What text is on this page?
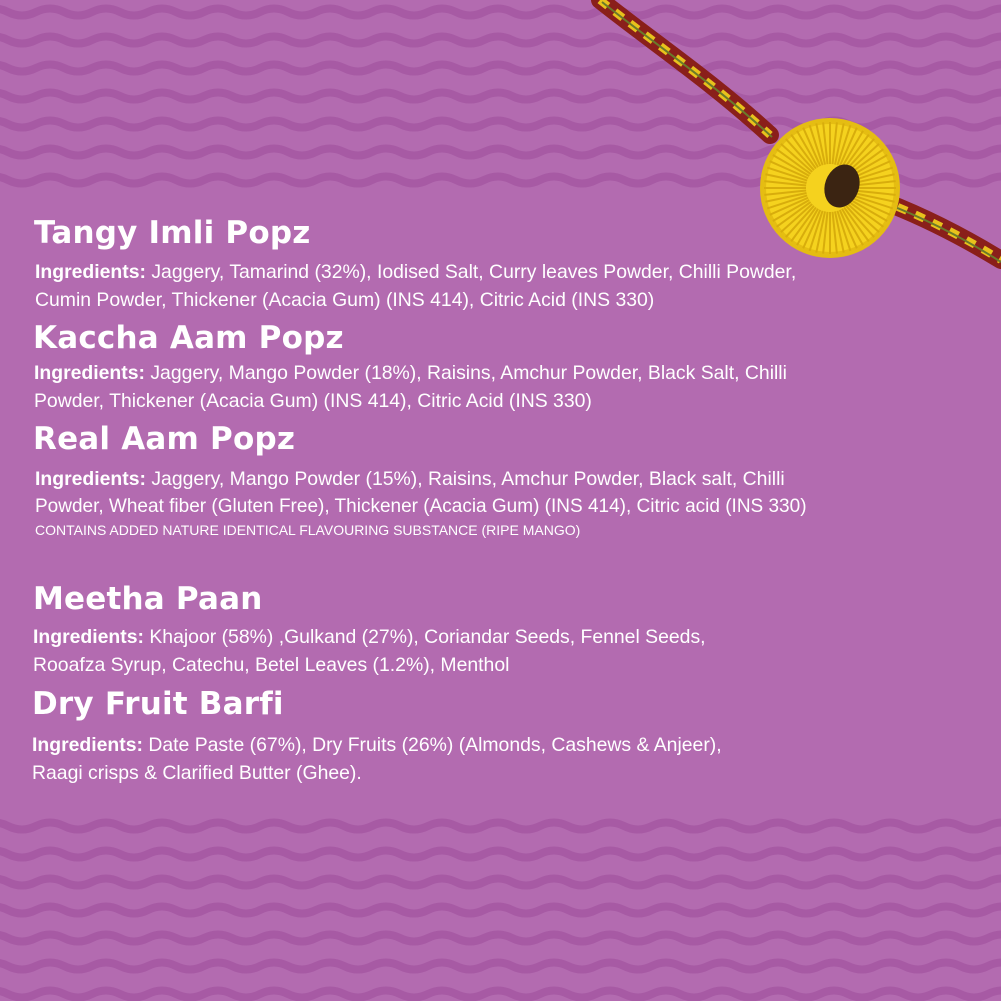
Tangy Imli Popz

Ingredients: Jaggery, Tamarind (32%), Iodised Salt, Curry leaves Powder, Chilli Powder,

Cumin Powder, Thickener (Acacia Gum) (INS 414), Citric Acid (INS 330)

Kaccha Aam Popz

Ingredients: Jaggery, Mango Powder (18%), Raisins, Amchur Powder, Black Salt, Chilli

Powder, Thickener (Acacia Gum) (INS 414), Citric Acid (INS 330)

Real Aam Popz

Ingredients: Jaggery, Mango Powder (15%), Raisins, Amchur Powder, Black salt, Chilli

Powder, Wheat fiber (Gluten Free), Thickener (Acacia Gum) (INS 414), Citric acid (INS 330)

CONTAINS ADDED NATURE IDENTICAL FLAVOURING SUBSTANCE (RIPE MANGO)

Meetha Paan

Ingredients: Khajoor (58%) ,Gulkand (27%), Coriandar Seeds, Fennel Seeds,

Rooafza Syrup, Catechu, Betel Leaves (1.2%), Menthol

Dry Fruit Barfi

Ingredients: Date Paste (67%), Dry Fruits (26%) (Almonds, Cashews & Anjeer),

Raagi crisps & Clarified Butter (Ghee).
